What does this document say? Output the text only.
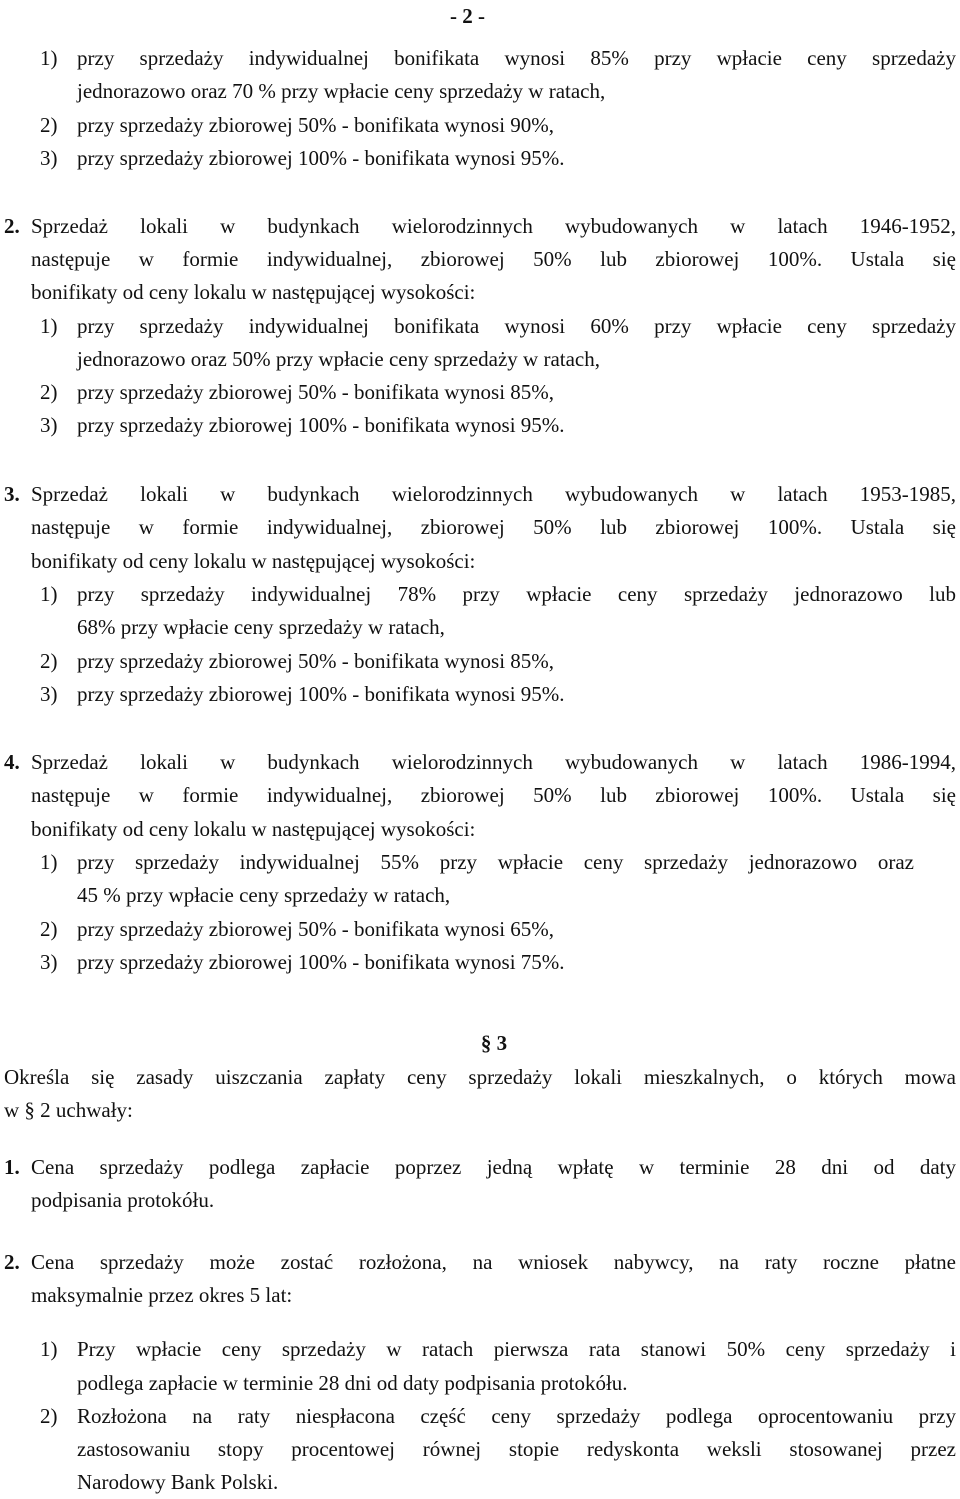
- 2 -
1) przy sprzedaży indywidualnej bonifikata wynosi 85% przy wpłacie ceny sprzedaży
jednorazowo oraz 70 % przy wpłacie ceny sprzedaży w ratach,
2) przy sprzedaży zbiorowej 50% - bonifikata wynosi 90%,
3) przy sprzedaży zbiorowej 100% - bonifikata wynosi 95%.
2. Sprzedaż lokali w budynkach wielorodzinnych wybudowanych w latach 1946-1952,
następuje w formie indywidualnej, zbiorowej 50% lub zbiorowej 100%. Ustala się
bonifikaty od ceny lokalu w następującej wysokości:
1) przy sprzedaży indywidualnej bonifikata wynosi 60% przy wpłacie ceny sprzedaży
jednorazowo oraz 50% przy wpłacie ceny sprzedaży w ratach,
2) przy sprzedaży zbiorowej 50% - bonifikata wynosi 85%,
3) przy sprzedaży zbiorowej 100% - bonifikata wynosi 95%.
3. Sprzedaż lokali w budynkach wielorodzinnych wybudowanych w latach 1953-1985,
następuje w formie indywidualnej, zbiorowej 50% lub zbiorowej 100%. Ustala się
bonifikaty od ceny lokalu w następującej wysokości:
1) przy sprzedaży indywidualnej 78% przy wpłacie ceny sprzedaży jednorazowo lub
68% przy wpłacie ceny sprzedaży w ratach,
2) przy sprzedaży zbiorowej 50% - bonifikata wynosi 85%,
3) przy sprzedaży zbiorowej 100% - bonifikata wynosi 95%.
4. Sprzedaż lokali w budynkach wielorodzinnych wybudowanych w latach 1986-1994,
następuje w formie indywidualnej, zbiorowej 50% lub zbiorowej 100%. Ustala się
bonifikaty od ceny lokalu w następującej wysokości:
1) przy sprzedaży indywidualnej 55% przy wpłacie ceny sprzedaży jednorazowo oraz
45 % przy wpłacie ceny sprzedaży w ratach,
2) przy sprzedaży zbiorowej 50% - bonifikata wynosi 65%,
3) przy sprzedaży zbiorowej 100% - bonifikata wynosi 75%.
§ 3
Określa się zasady uiszczania zapłaty ceny sprzedaży lokali mieszkalnych, o których mowa
w § 2 uchwały:
1. Cena sprzedaży podlega zapłacie poprzez jedną wpłatę w terminie 28 dni od daty
podpisania protokółu.
2. Cena sprzedaży może zostać rozłożona, na wniosek nabywcy, na raty roczne płatne
maksymalnie przez okres 5 lat:
1) Przy wpłacie ceny sprzedaży w ratach pierwsza rata stanowi 50% ceny sprzedaży i
podlega zapłacie w terminie 28 dni od daty podpisania protokółu.
2) Rozłożona na raty niespłacona część ceny sprzedaży podlega oprocentowaniu przy
zastosowaniu stopy procentowej równej stopie redyskonta weksli stosowanej przez
Narodowy Bank Polski.
